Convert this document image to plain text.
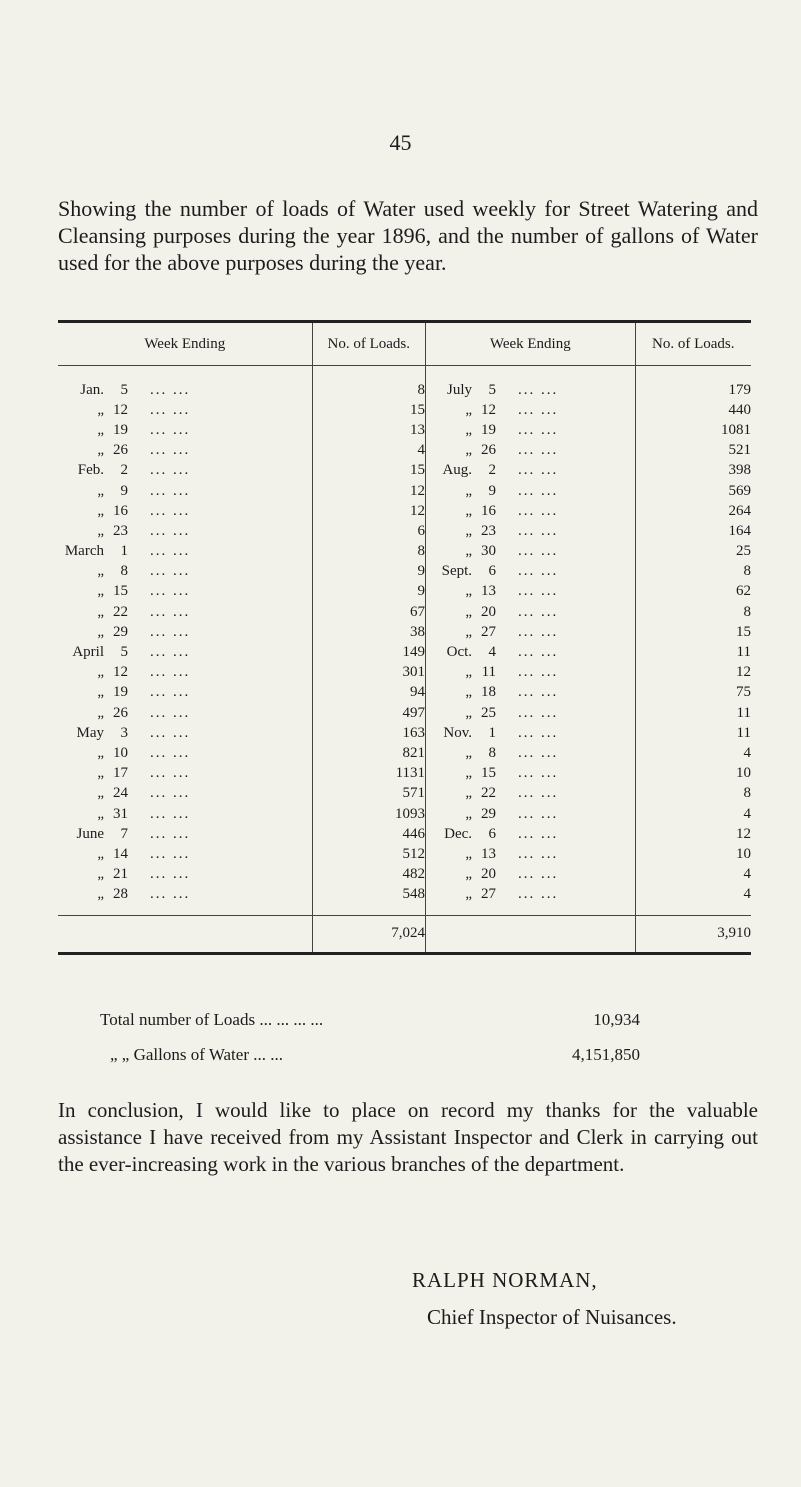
45
Showing the number of loads of Water used weekly for Street Watering and Cleansing purposes during the year 1896, and the number of gallons of Water used for the above purposes during the year.
Week Ending	No. of Loads.	Week Ending	No. of Loads.
Jan. 5 ... ...	8	July 5 ... ...	179
„ 12 ... ...	15	„ 12 ... ...	440
„ 19 ... ...	13	„ 19 ... ...	1081
„ 26 ... ...	4	„ 26 ... ...	521
Feb. 2 ... ...	15	Aug. 2 ... ...	398
„ 9 ... ...	12	„ 9 ... ...	569
„ 16 ... ...	12	„ 16 ... ...	264
„ 23 ... ...	6	„ 23 ... ...	164
March 1 ... ...	8	„ 30 ... ...	25
„ 8 ... ...	9	Sept. 6 ... ...	8
„ 15 ... ...	9	„ 13 ... ...	62
„ 22 ... ...	67	„ 20 ... ...	8
„ 29 ... ...	38	„ 27 ... ...	15
April 5 ... ...	149	Oct. 4 ... ...	11
„ 12 ... ...	301	„ 11 ... ...	12
„ 19 ... ...	94	„ 18 ... ...	75
„ 26 ... ...	497	„ 25 ... ...	11
May 3 ... ...	163	Nov. 1 ... ...	11
„ 10 ... ...	821	„ 8 ... ...	4
„ 17 ... ...	1131	„ 15 ... ...	10
„ 24 ... ...	571	„ 22 ... ...	8
„ 31 ... ...	1093	„ 29 ... ...	4
June 7 ... ...	446	Dec. 6 ... ...	12
„ 14 ... ...	512	„ 13 ... ...	10
„ 21 ... ...	482	„ 20 ... ...	4
„ 28 ... ...	548	„ 27 ... ...	4
	7,024		3,910
Total number of Loads ... ... ... ...	10,934
„ „ Gallons of Water ... ...	4,151,850
In conclusion, I would like to place on record my thanks for the valuable assistance I have received from my Assistant Inspector and Clerk in carrying out the ever-increasing work in the various branches of the department.
RALPH NORMAN,
Chief Inspector of Nuisances.
